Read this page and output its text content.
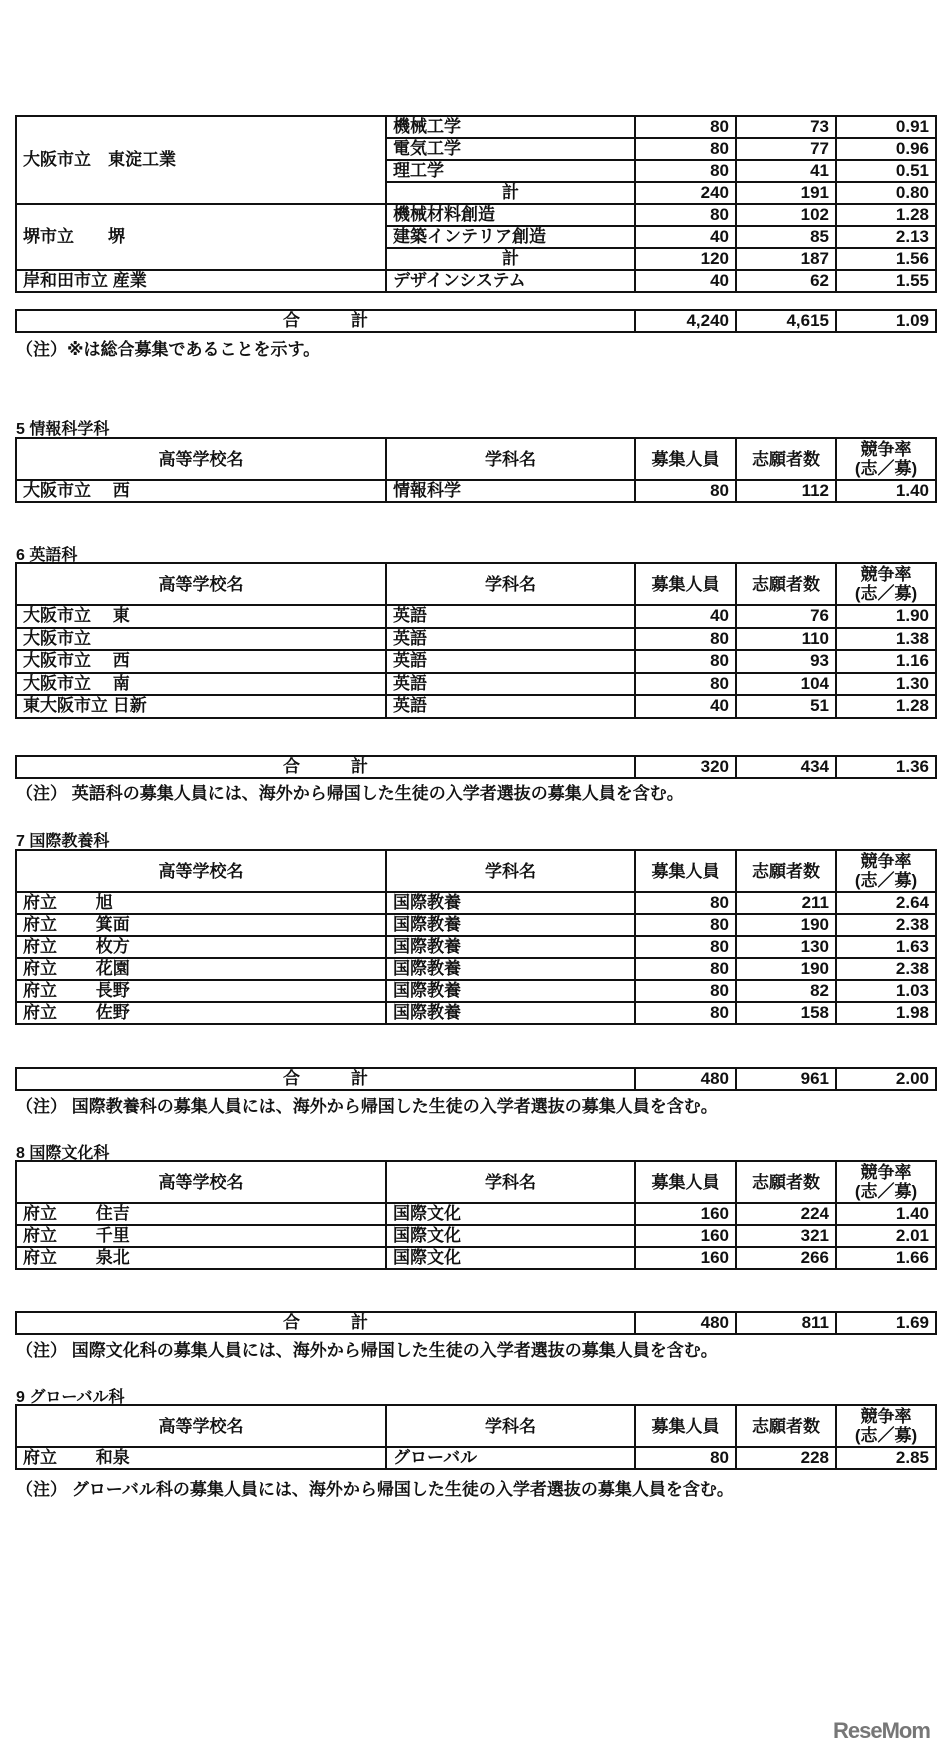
大阪市立　東淀工業	機械工学	80	73	0.91
	電気工学	80	77	0.96
	理工学	80	41	0.51
	計	240	191	0.80
堺市立　　堺	機械材料創造	80	102	1.28
	建築インテリア創造	40	85	2.13
	計	120	187	1.56
岸和田市立 産業	デザインシステム	40	62	1.55
合　　　計	4,240	4,615	1.09
（注）※は総合募集であることを示す。
5 情報科学科
高等学校名	学科名	募集人員	志願者数	競争率
(志／募)
大阪市立　 西	情報科学	80	112	1.40
6 英語科
高等学校名	学科名	募集人員	志願者数	競争率
(志／募)
大阪市立　 東	英語	40	76	1.90
大阪市立	英語	80	110	1.38
大阪市立　 西	英語	80	93	1.16
大阪市立　 南	英語	80	104	1.30
東大阪市立 日新	英語	40	51	1.28
合　　　計	320	434	1.36
（注） 英語科の募集人員には、海外から帰国した生徒の入学者選抜の募集人員を含む。
7 国際教養科
高等学校名	学科名	募集人員	志願者数	競争率
(志／募)
府立　　 旭	国際教養	80	211	2.64
府立　　 箕面	国際教養	80	190	2.38
府立　　 枚方	国際教養	80	130	1.63
府立　　 花園	国際教養	80	190	2.38
府立　　 長野	国際教養	80	82	1.03
府立　　 佐野	国際教養	80	158	1.98
合　　　計	480	961	2.00
（注） 国際教養科の募集人員には、海外から帰国した生徒の入学者選抜の募集人員を含む。
8 国際文化科
高等学校名	学科名	募集人員	志願者数	競争率
(志／募)
府立　　 住吉	国際文化	160	224	1.40
府立　　 千里	国際文化	160	321	2.01
府立　　 泉北	国際文化	160	266	1.66
合　　　計	480	811	1.69
（注） 国際文化科の募集人員には、海外から帰国した生徒の入学者選抜の募集人員を含む。
9 グローバル科
高等学校名	学科名	募集人員	志願者数	競争率
(志／募)
府立　　 和泉	グローバル	80	228	2.85
（注） グローバル科の募集人員には、海外から帰国した生徒の入学者選抜の募集人員を含む。
ReseMom
